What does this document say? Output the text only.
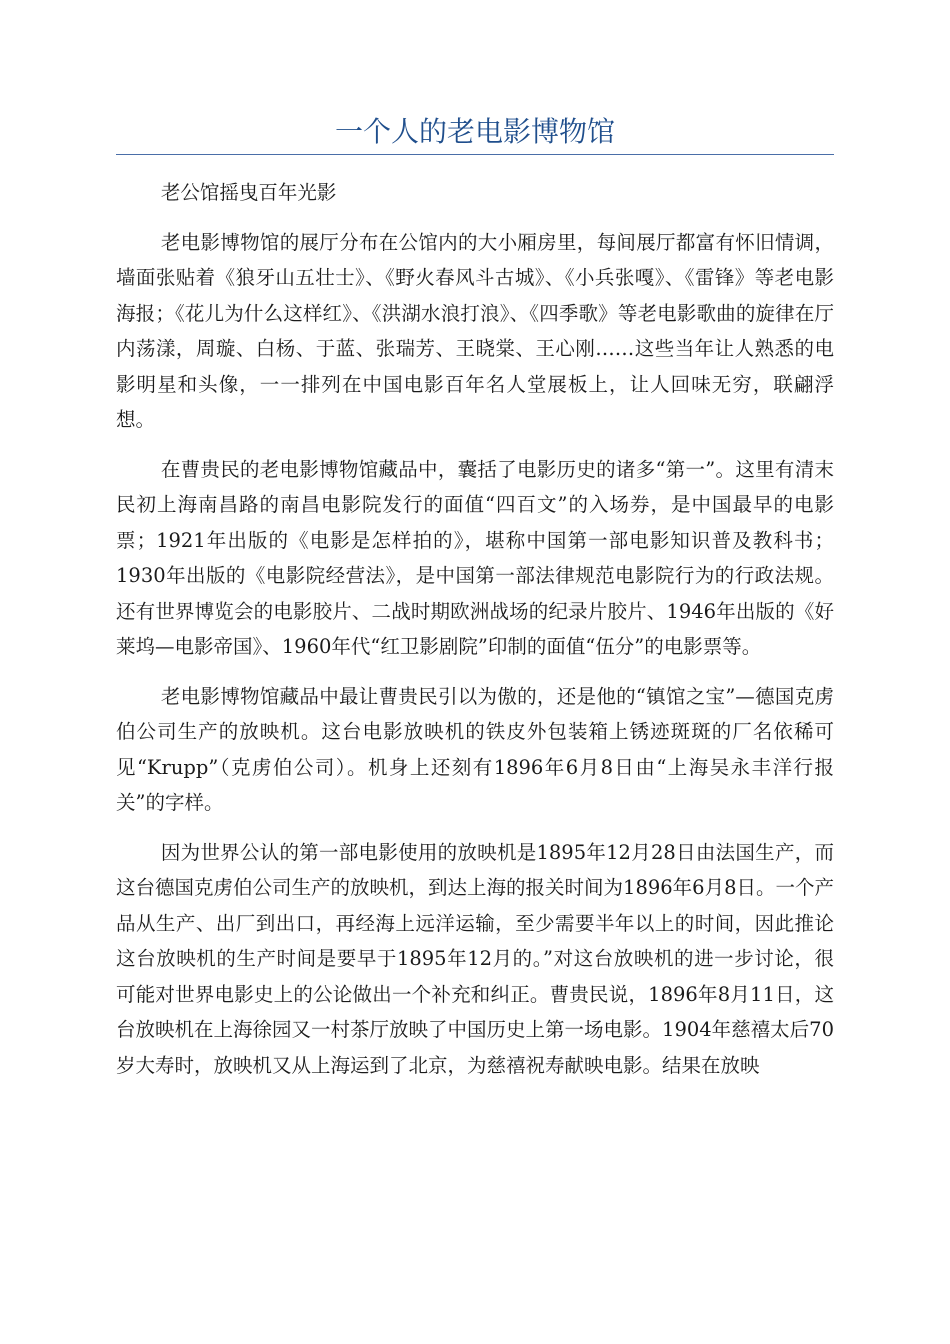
一个人的老电影博物馆

老公馆摇曳百年光影

老电影博物馆的展厅分布在公馆内的大小厢房里，每间展厅都富有怀旧情调，墙面张贴着《狼牙山五壮士》、《野火春风斗古城》、《小兵张嘎》、《雷锋》等老电影海报；《花儿为什么这样红》、《洪湖水浪打浪》、《四季歌》等老电影歌曲的旋律在厅内荡漾，周璇、白杨、于蓝、张瑞芳、王晓棠、王心刚……这些当年让人熟悉的电影明星和头像，一一排列在中国电影百年名人堂展板上，让人回味无穷，联翩浮想。

在曹贵民的老电影博物馆藏品中，囊括了电影历史的诸多“第一”。这里有清末民初上海南昌路的南昌电影院发行的面值“四百文”的入场券，是中国最早的电影票；1921年出版的《电影是怎样拍的》，堪称中国第一部电影知识普及教科书；1930年出版的《电影院经营法》，是中国第一部法律规范电影院行为的行政法规。还有世界博览会的电影胶片、二战时期欧洲战场的纪录片胶片、1946年出版的《好莱坞—电影帝国》、1960年代“红卫影剧院”印制的面值“伍分”的电影票等。

老电影博物馆藏品中最让曹贵民引以为傲的，还是他的“镇馆之宝”—德国克虏伯公司生产的放映机。这台电影放映机的铁皮外包装箱上锈迹斑斑的厂名依稀可见“Krupp”（克虏伯公司）。机身上还刻有1896年6月8日由“上海吴永丰洋行报关”的字样。

因为世界公认的第一部电影使用的放映机是1895年12月28日由法国生产，而这台德国克虏伯公司生产的放映机，到达上海的报关时间为1896年6月8日。一个产品从生产、出厂到出口，再经海上远洋运输，至少需要半年以上的时间，因此推论这台放映机的生产时间是要早于1895年12月的。”对这台放映机的进一步讨论，很可能对世界电影史上的公论做出一个补充和纠正。曹贵民说，1896年8月11日，这台放映机在上海徐园又一村茶厅放映了中国历史上第一场电影。1904年慈禧太后70岁大寿时，放映机又从上海运到了北京，为慈禧祝寿献映电影。结果在放映
